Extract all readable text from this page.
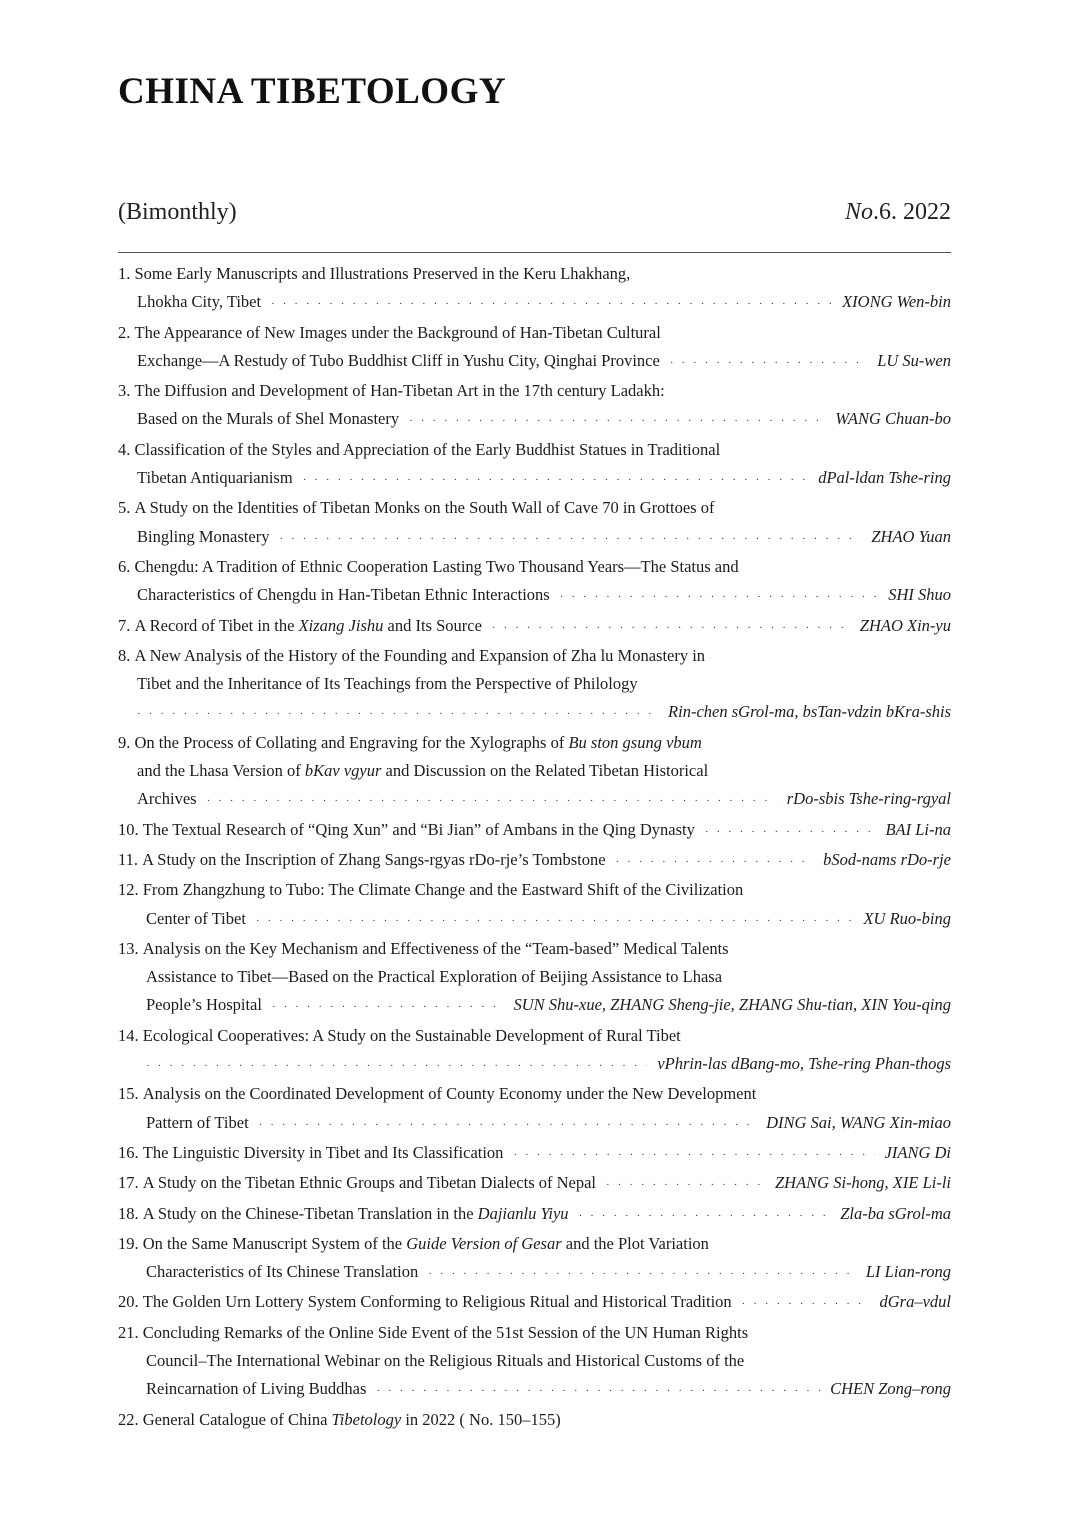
CHINA TIBETOLOGY
(Bimonthly)	No.6. 2022
1.
Some Early Manuscripts and Illustrations Preserved in the Keru Lhakhang,
Lhokha City, Tibet · · ·	XIONG Wen-bin
2.
The Appearance of New Images under the Background of Han-Tibetan Cultural
Exchange—A Restudy of Tubo Buddhist Cliff in Yushu City, Qinghai Province · · ·	LU Su-wen
3.
The Diffusion and Development of Han-Tibetan Art in the 17th century Ladakh:
Based on the Murals of Shel Monastery · · ·	WANG Chuan-bo
4.
Classification of the Styles and Appreciation of the Early Buddhist Statues in Traditional
Tibetan Antiquarianism · · ·	dPal-ldan Tshe-ring
5.
A Study on the Identities of Tibetan Monks on the South Wall of Cave 70 in Grottoes of
Bingling Monastery · · ·	ZHAO Yuan
6.
Chengdu: A Tradition of Ethnic Cooperation Lasting Two Thousand Years—The Status and
Characteristics of Chengdu in Han-Tibetan Ethnic Interactions · · ·	SHI Shuo
7.
A Record of Tibet in the Xizang Jishu and Its Source · · ·	ZHAO Xin-yu
8.
A New Analysis of the History of the Founding and Expansion of Zha lu Monastery in
Tibet and the Inheritance of Its Teachings from the Perspective of Philology
· · ·
Rin-chen sGrol-ma, bsTan-vdzin bKra-shis
9.
On the Process of Collating and Engraving for the Xylographs of Bu ston gsung vbum
and the Lhasa Version of bKav vgyur and Discussion on the Related Tibetan Historical
Archives · · ·	rDo-sbis Tshe-ring-rgyal
10.
The Textual Research of “Qing Xun” and “Bi Jian” of Ambans in the Qing Dynasty · · ·	BAI Li-na
11.
A Study on the Inscription of Zhang Sangs-rgyas rDo-rje’s Tombstone · · ·	bSod-nams rDo-rje
12.
From Zhangzhung to Tubo: The Climate Change and the Eastward Shift of the Civilization
Center of Tibet · · ·	XU Ruo-bing
13.
Analysis on the Key Mechanism and Effectiveness of the “Team-based” Medical Talents
Assistance to Tibet—Based on the Practical Exploration of Beijing Assistance to Lhasa
People’s Hospital · · ·	SUN Shu-xue, ZHANG Sheng-jie, ZHANG Shu-tian, XIN You-qing
14.
Ecological Cooperatives: A Study on the Sustainable Development of Rural Tibet
· · ·
vPhrin-las dBang-mo, Tshe-ring Phan-thogs
15.
Analysis on the Coordinated Development of County Economy under the New Development
Pattern of Tibet · · ·	DING Sai, WANG Xin-miao
16.
The Linguistic Diversity in Tibet and Its Classification · · ·	JIANG Di
17.
A Study on the Tibetan Ethnic Groups and Tibetan Dialects of Nepal · · ·	ZHANG Si-hong, XIE Li-li
18.
A Study on the Chinese-Tibetan Translation in the Dajianlu Yiyu · · ·	Zla-ba sGrol-ma
19.
On the Same Manuscript System of the Guide Version of Gesar and the Plot Variation
Characteristics of Its Chinese Translation · · ·	LI Lian-rong
20.
The Golden Urn Lottery System Conforming to Religious Ritual and Historical Tradition · · ·	dGra–vdul
21.
Concluding Remarks of the Online Side Event of the 51st Session of the UN Human Rights
Council–The International Webinar on the Religious Rituals and Historical Customs of the
Reincarnation of Living Buddhas · · ·	CHEN Zong–rong
22.
General Catalogue of China Tibetology in 2022 ( No. 150–155)
